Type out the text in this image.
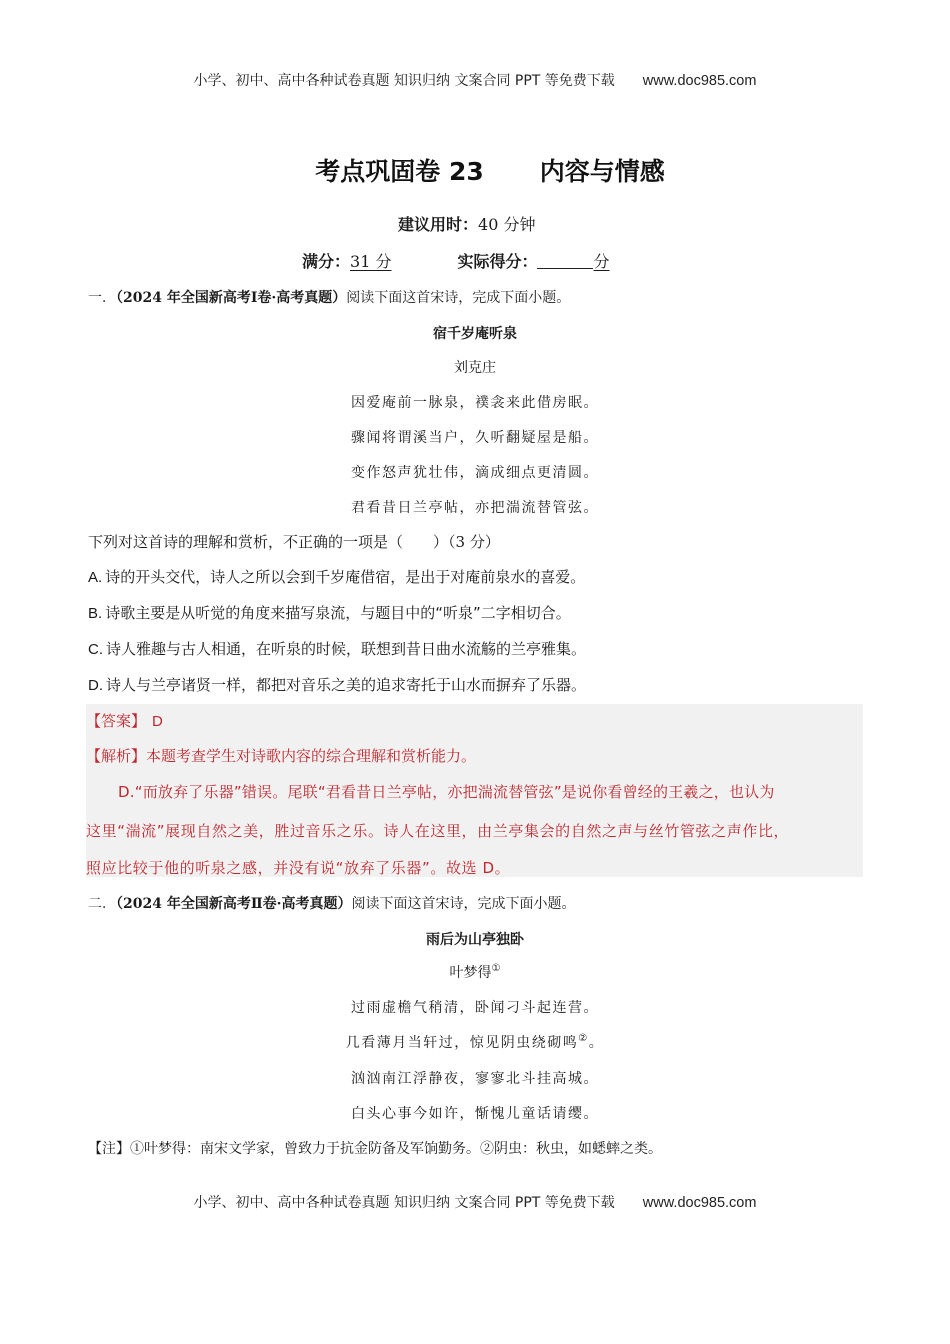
小学、初中、高中各种试卷真题 知识归纳 文案合同 PPT 等免费下载 www.doc985.com
考点巩固卷 23 内容与情感
建议用时：40 分钟
满分：31 分	实际得分：	分
一．（2024 年全国新高考Ⅰ卷·高考真题）阅读下面这首宋诗，完成下面小题。
宿千岁庵听泉
刘克庄
因爱庵前一脉泉，襆衾来此借房眠。
骤闻将谓溪当户，久听翻疑屋是船。
变作怒声犹壮伟，滴成细点更清圆。
君看昔日兰亭帖，亦把湍流替管弦。
下列对这首诗的理解和赏析，不正确的一项是（　　）（3 分）
A. 诗的开头交代，诗人之所以会到千岁庵借宿，是出于对庵前泉水的喜爱。
B. 诗歌主要是从听觉的角度来描写泉流，与题目中的“听泉”二字相切合。
C. 诗人雅趣与古人相通，在听泉的时候，联想到昔日曲水流觞的兰亭雅集。
D. 诗人与兰亭诸贤一样，都把对音乐之美的追求寄托于山水而摒弃了乐器。
【答案】 D
【解析】本题考查学生对诗歌内容的综合理解和赏析能力。
D.“而放弃了乐器”错误。尾联“君看昔日兰亭帖，亦把湍流替管弦”是说你看曾经的王羲之，也认为
这里“湍流”展现自然之美，胜过音乐之乐。诗人在这里，由兰亭集会的自然之声与丝竹管弦之声作比，
照应比较于他的听泉之感，并没有说“放弃了乐器”。故选 D。
二．（2024 年全国新高考Ⅱ卷·高考真题）阅读下面这首宋诗，完成下面小题。
雨后为山亭独卧
叶梦得①
过雨虚檐气稍清，卧闻刁斗起连营。
几看薄月当轩过，惊见阴虫绕砌鸣②。
汹汹南江浮静夜，寥寥北斗挂高城。
白头心事今如许，惭愧儿童话请缨。
【注】①叶梦得：南宋文学家，曾致力于抗金防备及军饷勤务。②阴虫：秋虫，如蟋蟀之类。
小学、初中、高中各种试卷真题 知识归纳 文案合同 PPT 等免费下载 www.doc985.com
